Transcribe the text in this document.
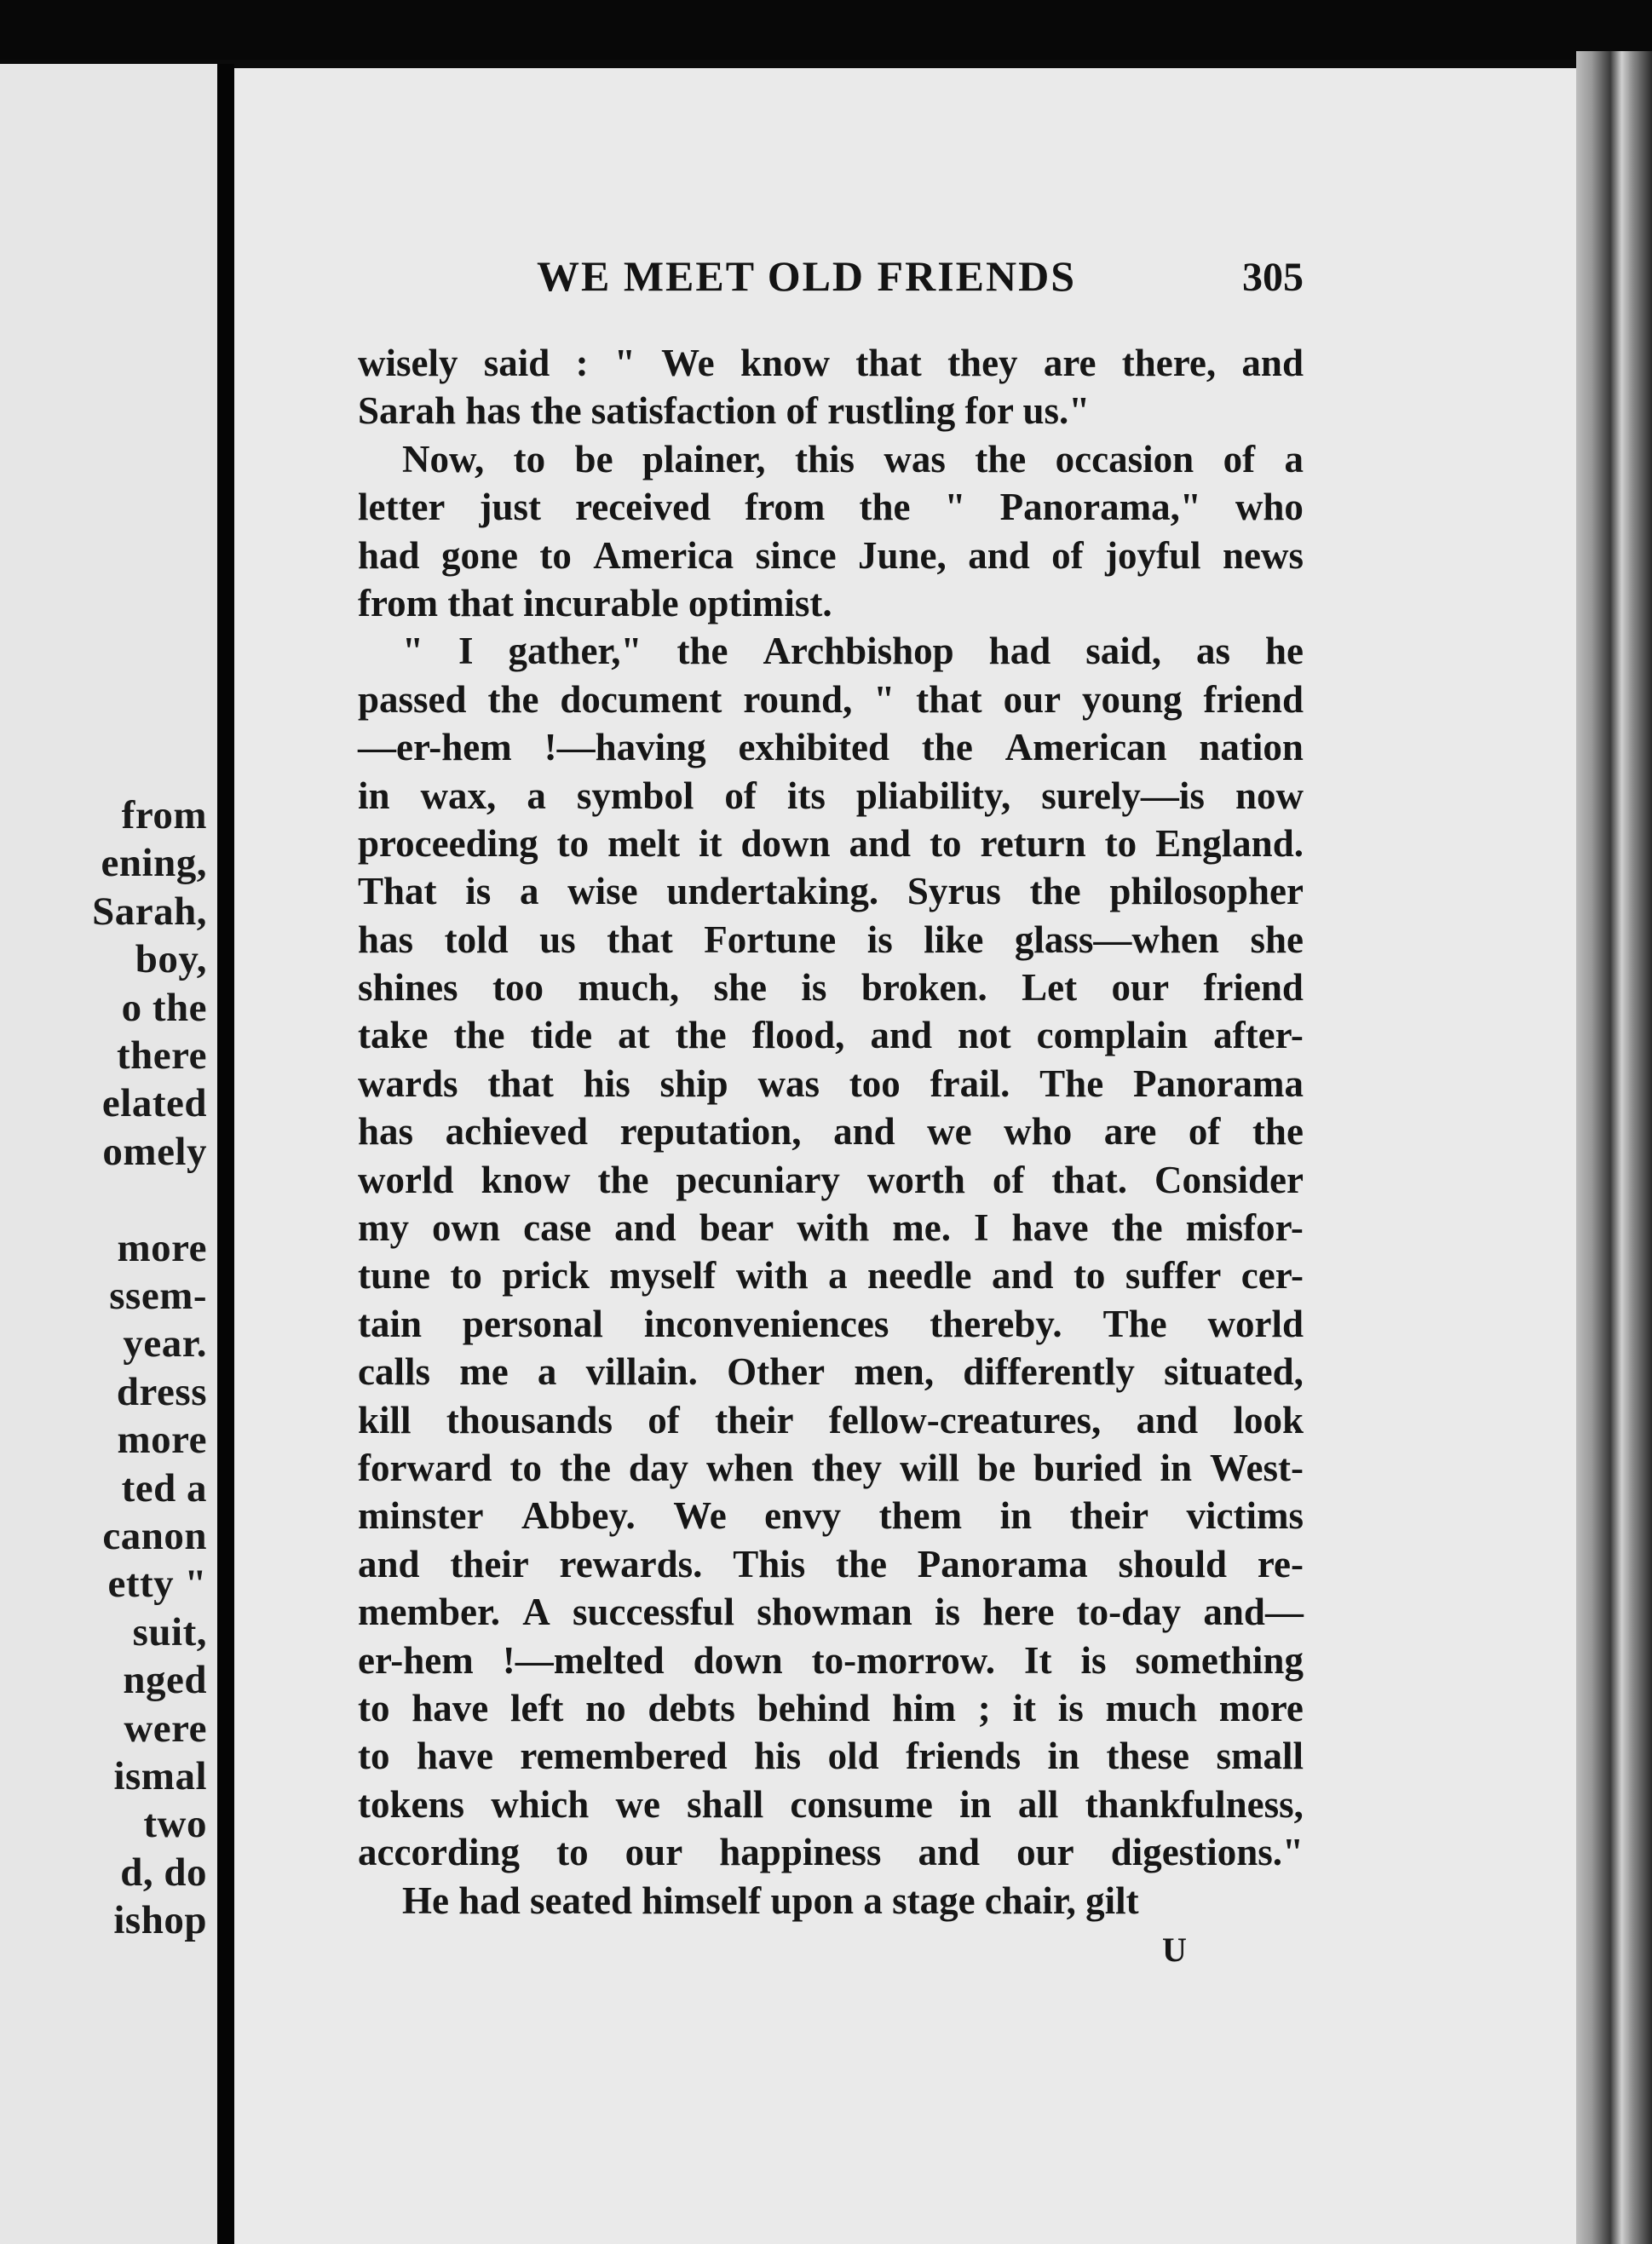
from
ening,
Sarah,
boy,
o the
there
elated
omely
more
ssem-
year.
dress
more
ted a
canon
etty "
suit,
nged
were
ismal
two
d, do
ishop
WE MEET OLD FRIENDS	305
wisely said : " We know that they are there, and
Sarah has the satisfaction of rustling for us."
Now, to be plainer, this was the occasion of a
letter just received from the " Panorama," who
had gone to America since June, and of joyful news
from that incurable optimist.
" I gather," the Archbishop had said, as he
passed the document round, " that our young friend
—er-hem !—having exhibited the American nation
in wax, a symbol of its pliability, surely—is now
proceeding to melt it down and to return to England.
That is a wise undertaking. Syrus the philosopher
has told us that Fortune is like glass—when she
shines too much, she is broken. Let our friend
take the tide at the flood, and not complain after-
wards that his ship was too frail. The Panorama
has achieved reputation, and we who are of the
world know the pecuniary worth of that. Consider
my own case and bear with me. I have the misfor-
tune to prick myself with a needle and to suffer cer-
tain personal inconveniences thereby. The world
calls me a villain. Other men, differently situated,
kill thousands of their fellow-creatures, and look
forward to the day when they will be buried in West-
minster Abbey. We envy them in their victims
and their rewards. This the Panorama should re-
member. A successful showman is here to-day and—
er-hem !—melted down to-morrow. It is something
to have left no debts behind him ; it is much more
to have remembered his old friends in these small
tokens which we shall consume in all thankfulness,
according to our happiness and our digestions."
He had seated himself upon a stage chair, gilt
U
